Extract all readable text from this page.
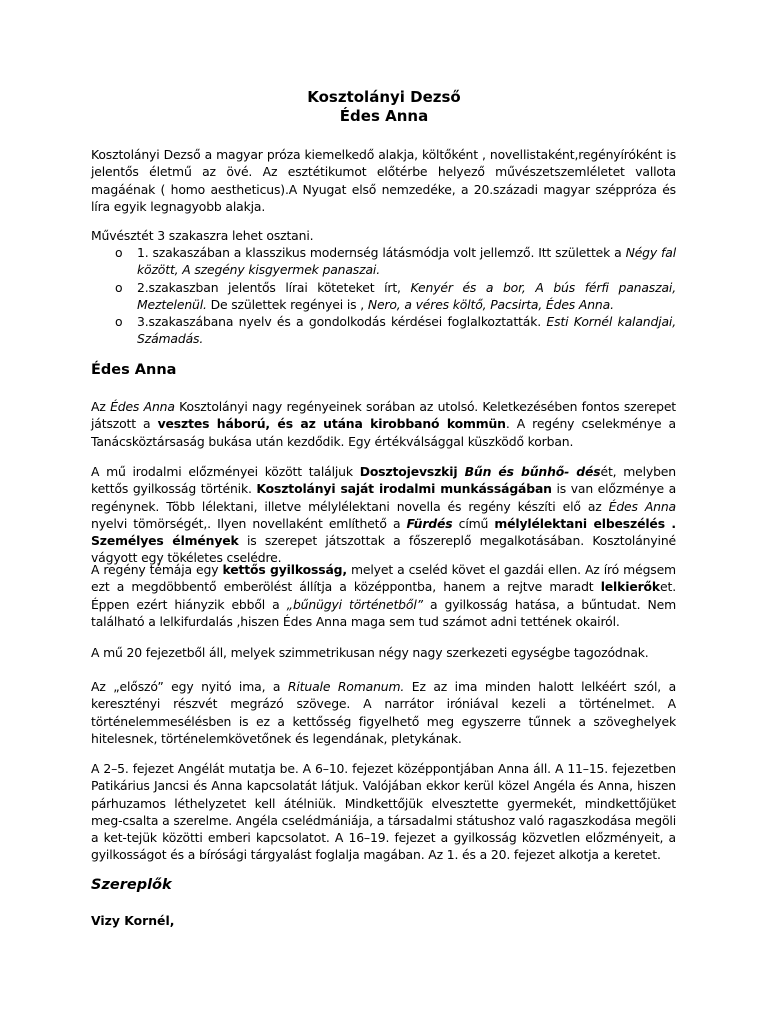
Kosztolányi Dezső
Édes Anna

Kosztolányi Dezső a magyar próza kiemelkedő alakja, költőként , novellistaként,regényíróként is jelentős életmű az övé. Az esztétikumot előtérbe helyező művészetszemléletet vallota magáénak ( homo aestheticus).A Nyugat első nemzedéke, a 20.századi magyar széppróza és líra egyik legnagyobb alakja.

Művésztét 3 szakaszra lehet osztani.
o 1. szakaszában a klasszikus modernség látásmódja volt jellemző. Itt születtek a Négy fal között, A szegény kisgyermek panaszai.
o 2.szakaszban jelentős lírai köteteket írt, Kenyér és a bor, A bús férfi panaszai, Meztelenül. De születtek regényei is , Nero, a véres költő, Pacsirta, Édes Anna.
o 3.szakaszábana nyelv és a gondolkodás kérdései foglalkoztatták. Esti Kornél kalandjai, Számadás.
Édes Anna
Az Édes Anna Kosztolányi nagy regényeinek sorában az utolsó. Keletkezésében fontos szerepet játszott a vesztes háború, és az utána kirobbanó kommün. A regény cselekménye a Tanácsköztársaság bukása után kezdődik. Egy értékválsággal küszködő korban.
A mű irodalmi előzményei között találjuk Dosztojevszkij Bűn és bűnhő- dését, melyben kettős gyilkosság történik. Kosztolányi saját irodalmi munkásságában is van előzménye a regénynek. Több lélektani, illetve mélylélektani novella és regény készíti elő az Édes Anna nyelvi tömörségét,. Ilyen novellaként említhető a Fürdés című mélylélektani elbeszélés . Személyes élmények is szerepet játszottak a főszereplő megalkotásában. Kosztolányiné vágyott egy tökéletes cselédre.
A regény témája egy kettős gyilkosság, melyet a cseléd követ el gazdái ellen. Az író mégsem ezt a megdöbbentő emberölést állítja a középpontba, hanem a rejtve maradt lelkierőket. Éppen ezért hiányzik ebből a „bűnügyi történetből” a gyilkosság hatása, a bűntudat. Nem található a lelkifurdalás ,hiszen Édes Anna maga sem tud számot adni tettének okairól.
A mű 20 fejezetből áll, melyek szimmetrikusan négy nagy szerkezeti egységbe tagozódnak.
Az „előszó” egy nyitó ima, a Rituale Romanum. Ez az ima minden halott lelkéért szól, a keresztényi részvét megrázó szövege. A narrátor iróniával kezeli a történelmet. A történelemmesélésben is ez a kettősség figyelhető meg egyszerre tűnnek a szöveghelyek hitelesnek, történelemkövetőnek és legendának, pletykának.
A 2–5. fejezet Angélát mutatja be. A 6–10. fejezet középpontjában Anna áll. A 11–15. fejezetben Patikárius Jancsi és Anna kapcsolatát látjuk. Valójában ekkor kerül közel Angéla és Anna, hiszen párhuzamos léthelyzetet kell átélniük. Mindkettőjük elvesztette gyermekét, mindkettőjüket meg-csalta a szerelme. Angéla cselédmániája, a társadalmi státushoz való ragaszkodása megöli a ket-tejük közötti emberi kapcsolatot. A 16–19. fejezet a gyilkosság közvetlen előzményeit, a gyilkosságot és a bírósági tárgyalást foglalja magában. Az 1. és a 20. fejezet alkotja a keretet.
Szereplők
Vizy Kornél,
